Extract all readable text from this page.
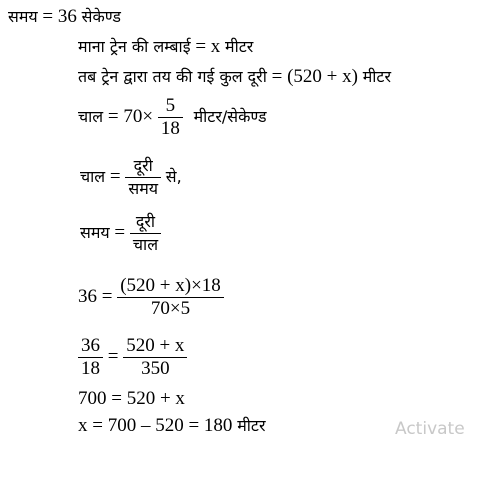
समय = 36 सेकेण्ड
माना ट्रेन की लम्बाई = x मीटर
तब ट्रेन द्वारा तय की गई कुल दूरी = (520 + x) मीटर
चाल = $70\times \frac{5}{18}$ मीटर/सेकेण्ड
चाल = $\frac{\text{दूरी}}{\text{समय}}$ से,
समय = $\frac{\text{दूरी}}{\text{चाल}}$
$36 = \frac{(520 + x)\times 18}{70\times 5}$
$\frac{36}{18} = \frac{520 + x}{350}$
700 = 520 + x
x = 700 – 520 = 180 मीटर	Activate
